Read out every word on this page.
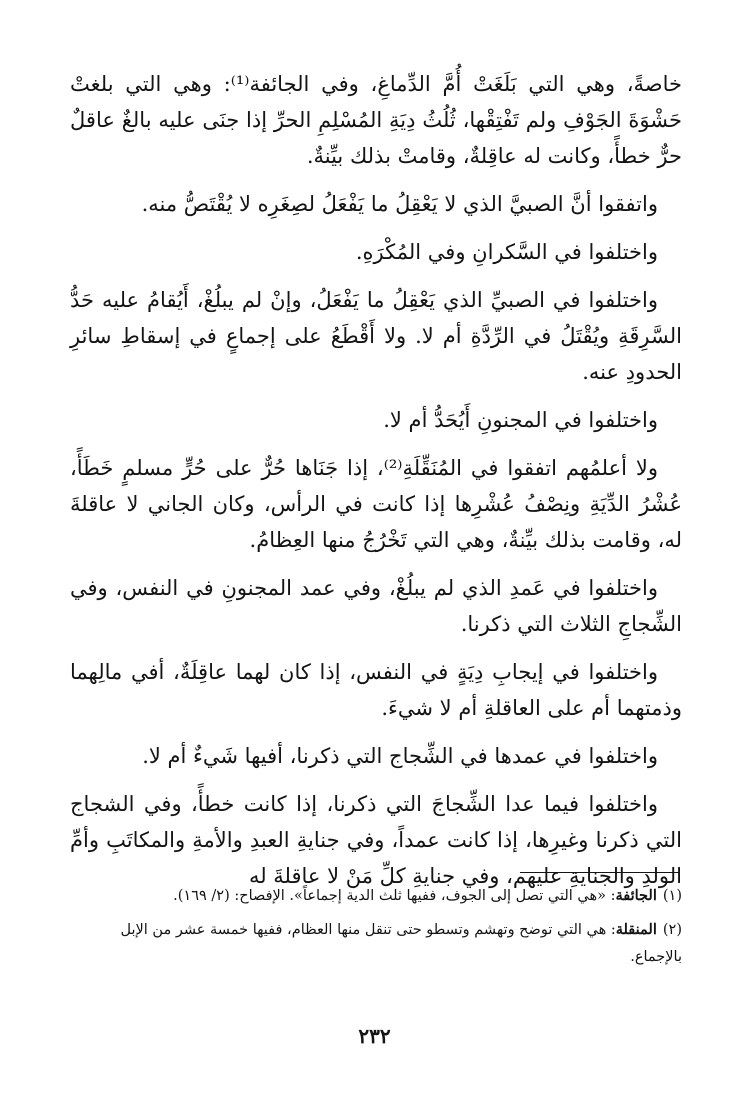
خاصةً، وهي التي بَلَغَتْ أُمَّ الدِّماغِ، وفي الجائفة⁽¹⁾: وهي التي بلغتْ حَشْوَةَ الجَوْفِ ولم تَفْتِقْها، ثُلُثُ دِيَةِ المُسْلِمِ الحرِّ إذا جنَى عليه بالغٌ عاقلٌ حرٌّ خطأً، وكانت له عاقِلةٌ، وقامتْ بذلك بيِّنةٌ.

واتفقوا أنَّ الصبيَّ الذي لا يَعْقِلُ ما يَفْعَلُ لصِغَرِه لا يُقْتَصُّ منه.

واختلفوا في السَّكرانِ وفي المُكْرَهِ.

واختلفوا في الصبيِّ الذي يَعْقِلُ ما يَفْعَلُ، وإنْ لم يبلُغْ، أَيُقامُ عليه حَدُّ السَّرِقَةِ ويُقْتَلُ في الرِّدَّةِ أم لا. ولا أَقْطَعُ على إجماعٍ في إسقاطِ سائرِ الحدودِ عنه.

واختلفوا في المجنونِ أَيُحَدُّ أم لا.

ولا أعلمُهم اتفقوا في المُنَقِّلَةِ⁽²⁾، إذا جَنَاها حُرٌّ على حُرٍّ مسلمٍ خَطَأً، عُشْرُ الدِّيَةِ ونِصْفُ عُشْرِها إذا كانت في الرأس، وكان الجاني لا عاقلةَ له، وقامت بذلك بيِّنةٌ، وهي التي تَخْرُجُ منها العِظامُ.

واختلفوا في عَمدِ الذي لم يبلُغْ، وفي عمد المجنونِ في النفس، وفي الشِّجاجِ الثلاث التي ذكرنا.

واختلفوا في إيجابِ دِيَةٍ في النفس، إذا كان لهما عاقِلَةٌ، أفي مالِهما وذمتهما أم على العاقلةِ أم لا شيءَ.

واختلفوا في عمدها في الشِّجاج التي ذكرنا، أفيها شَيءٌ أم لا.

واختلفوا فيما عدا الشِّجاجَ التي ذكرنا، إذا كانت خطأً، وفي الشجاج التي ذكرنا وغيرِها، إذا كانت عمداً، وفي جنايةِ العبدِ والأمةِ والمكاتَبِ وأمِّ الولدِ والجنايةِ عليهم، وفي جنايةِ كلِّ مَنْ لا عاقلةَ له

(١)الجائفة: «هي التي تصل إلى الجوف، ففيها ثلث الدية إجماعاً». الإفصاح: (٢/ ١٦٩).

(٢)المنقلة: هي التي توضح وتهشم وتسطو حتى تنقل منها العظام، ففيها خمسة عشر من الإبل بالإجماع.

٢٣٢
